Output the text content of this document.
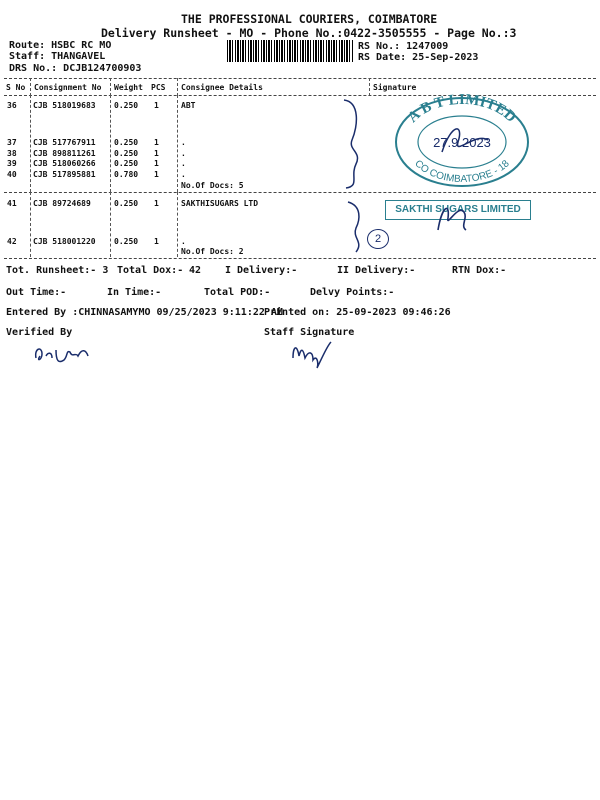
THE PROFESSIONAL COURIERS, COIMBATORE
Delivery Runsheet - MO - Phone No.:0422-3505555 - Page No.:3
Route: HSBC RC MO
Staff: THANGAVEL
DRS No.: DCJB124700903
RS No.: 1247009
RS Date: 25-Sep-2023
S No Consignment No Weight PCS Consignee Details	Signature
36 CJB 518019683 0.250 1	ABT
37 CJB 517767911 0.250 1	.
38 CJB 898811261 0.250 1	.
39 CJB 518060266 0.250 1	.
40 CJB 517895881 0.780 1	.
No.Of Docs: 5
41 CJB 89724689	0.250 1	SAKTHISUGARS LTD
42 CJB 518001220 0.250 1	.
No.Of Docs: 2
Tot. Runsheet:- 3 Total Dox:- 42 I Delivery:-	II Delivery:-	RTN Dox:-
Out Time:-	In Time:-	Total POD:-	Delvy Points:-
Entered By :CHINNASAMYMO 09/25/2023 9:11:22 AM
Printed on: 25-09-2023 09:46:26
Verified By	Staff Signature
2
A B T LIMITED
CO COIMBATORE - 18
27.9.2023
SAKTHI SUGARS LIMITED
